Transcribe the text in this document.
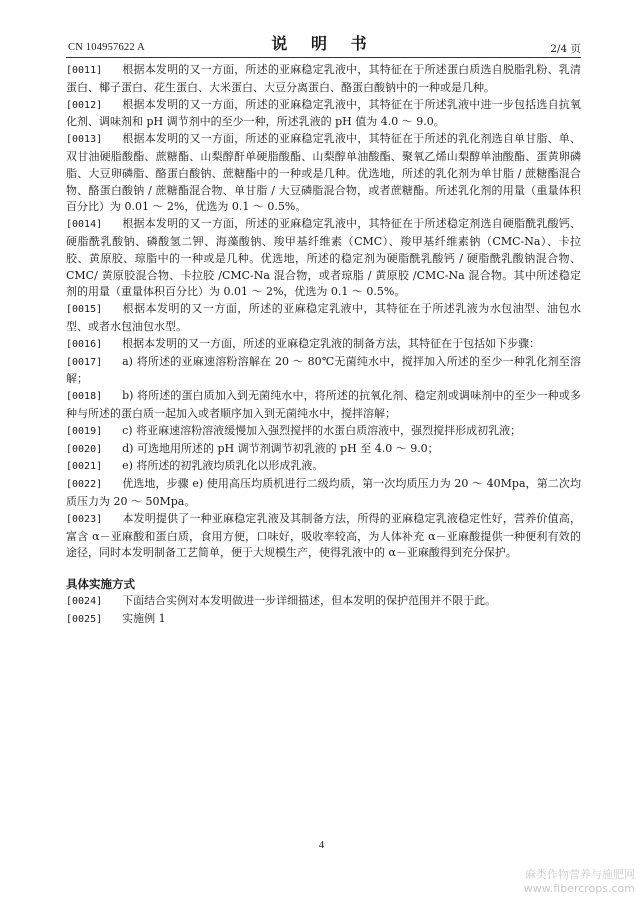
CN 104957622 A	说 明 书	2/4 页

[0011] 根据本发明的又一方面，所述的亚麻稳定乳液中，其特征在于所述蛋白质选自脱脂乳粉、乳清蛋白、椰子蛋白、花生蛋白、大米蛋白、大豆分离蛋白、酪蛋白酸钠中的一种或是几种。

[0012] 根据本发明的又一方面，所述的亚麻稳定乳液中，其特征在于所述乳液中进一步包括选自抗氧化剂、调味剂和 pH 调节剂中的至少一种，所述乳液的 pH 值为 4.0 ～ 9.0。

[0013] 根据本发明的又一方面，所述的亚麻稳定乳液中，其特征在于所述的乳化剂选自单甘脂、单、双甘油硬脂酸酯、蔗糖酯、山梨醇酐单硬脂酸酯、山梨醇单油酸酯、聚氧乙烯山梨醇单油酸酯、蛋黄卵磷脂、大豆卵磷脂、酪蛋白酸钠、蔗糖酯中的一种或是几种。优选地，所述的乳化剂为单甘脂 / 蔗糖酯混合物、酪蛋白酸钠 / 蔗糖酯混合物、单甘脂 / 大豆磷脂混合物，或者蔗糖酯。所述乳化剂的用量（重量体积百分比）为 0.01 ～ 2%，优选为 0.1 ～ 0.5%。

[0014] 根据本发明的又一方面，所述的亚麻稳定乳液中，其特征在于所述稳定剂选自硬脂酰乳酸钙、硬脂酰乳酸钠、磷酸氢二钾、海藻酸钠、羧甲基纤维素（CMC）、羧甲基纤维素钠（CMC-Na）、卡拉胶、黄原胶、琼脂中的一种或是几种。优选地，所述的稳定剂为硬脂酰乳酸钙 / 硬脂酰乳酸钠混合物、CMC/ 黄原胶混合物、卡拉胶 /CMC-Na 混合物，或者琼脂 / 黄原胶 /CMC-Na 混合物。其中所述稳定剂的用量（重量体积百分比）为 0.01 ～ 2%，优选为 0.1 ～ 0.5%。

[0015] 根据本发明的又一方面，所述的亚麻稳定乳液中，其特征在于所述乳液为水包油型、油包水型、或者水包油包水型。

[0016] 根据本发明的又一方面，所述的亚麻稳定乳液的制备方法，其特征在于包括如下步骤：

[0017] a) 将所述的亚麻速溶粉溶解在 20 ～ 80℃无菌纯水中，搅拌加入所述的至少一种乳化剂至溶解；

[0018] b) 将所述的蛋白质加入到无菌纯水中，将所述的抗氧化剂、稳定剂或调味剂中的至少一种或多种与所述的蛋白质一起加入或者顺序加入到无菌纯水中，搅拌溶解；

[0019] c) 将亚麻速溶粉溶液缓慢加入强烈搅拌的水蛋白质溶液中，强烈搅拌形成初乳液；

[0020] d) 可选地用所述的 pH 调节剂调节初乳液的 pH 至 4.0 ～ 9.0；

[0021] e) 将所述的初乳液均质乳化以形成乳液。

[0022] 优选地，步骤 e) 使用高压均质机进行二级均质，第一次均质压力为 20 ～ 40Mpa，第二次均质压力为 20 ～ 50Mpa。

[0023] 本发明提供了一种亚麻稳定乳液及其制备方法，所得的亚麻稳定乳液稳定性好，营养价值高，富含 α－亚麻酸和蛋白质，食用方便，口味好，吸收率较高，为人体补充 α－亚麻酸提供一种便利有效的途径，同时本发明制备工艺简单，便于大规模生产，使得乳液中的 α－亚麻酸得到充分保护。

具体实施方式

[0024] 下面结合实例对本发明做进一步详细描述，但本发明的保护范围并不限于此。

[0025] 实施例 1

4
麻类作物营养与施肥网
www.fibercrops.com
